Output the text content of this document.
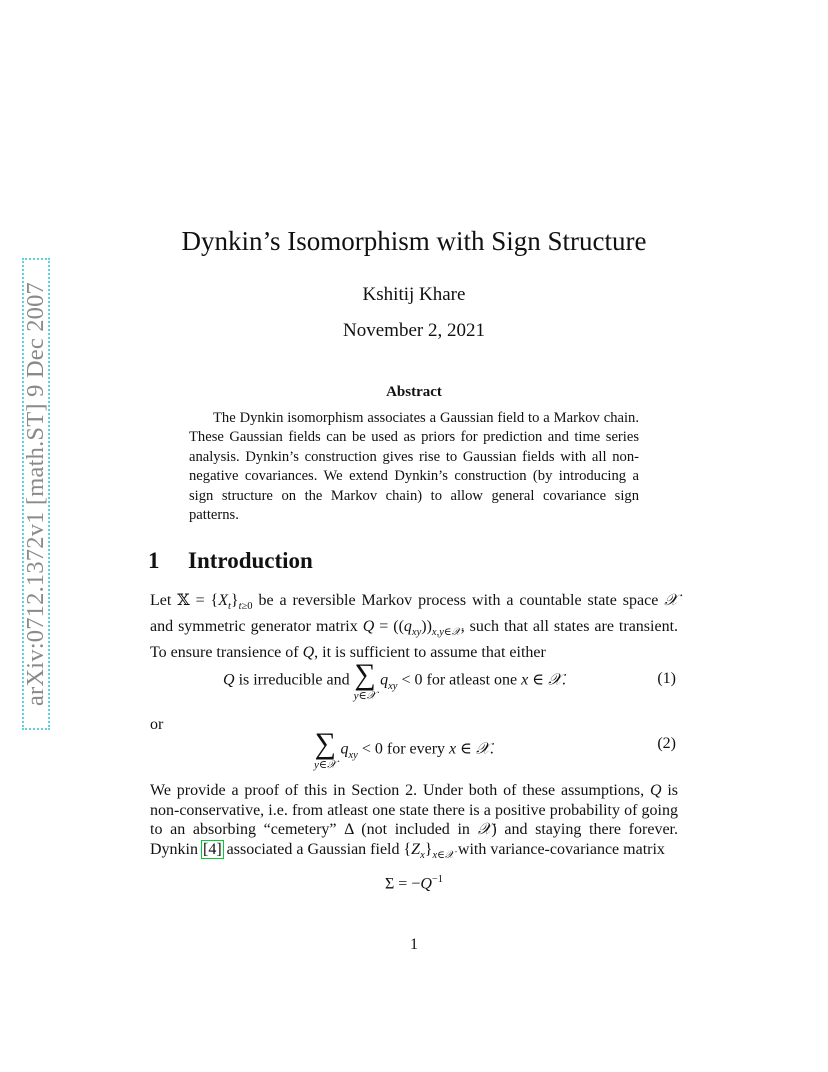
arXiv:0712.1372v1 [math.ST] 9 Dec 2007
Dynkin’s Isomorphism with Sign Structure
Kshitij Khare
November 2, 2021
Abstract

The Dynkin isomorphism associates a Gaussian field to a Markov chain. These Gaussian fields can be used as priors for prediction and time series analysis. Dynkin’s construction gives rise to Gaussian fields with all non-negative covariances. We extend Dynkin’s construction (by introducing a sign structure on the Markov chain) to allow general covariance sign patterns.

1 Introduction

Let 𝕏 = $\{X_t\}_{t\ge 0}$ be a reversible Markov process with a countable state space 𝒳 and symmetric generator matrix $Q = ((q_{xy}))_{x,y\in 𝒳}$, such that all states are transient. To ensure transience of Q, it is sufficient to assume that either

Q is irreducible and ∑
y∈𝒳
$q_{xy} < 0$ for atleast one x ∈ 𝒳.	(1)
or
∑
y∈𝒳
$q_{xy} < 0$ for every x ∈ 𝒳.	(2)

We provide a proof of this in Section 2. Under both of these assumptions, Q is non-conservative, i.e. from atleast one state there is a positive probability of going to an absorbing “cemetery” Δ (not included in 𝒳) and staying there forever. Dynkin [4] associated a Gaussian field $\{Z_x\}_{x\in 𝒳}$ with variance-covariance matrix

$\Sigma = -Q^{-1}$
1
